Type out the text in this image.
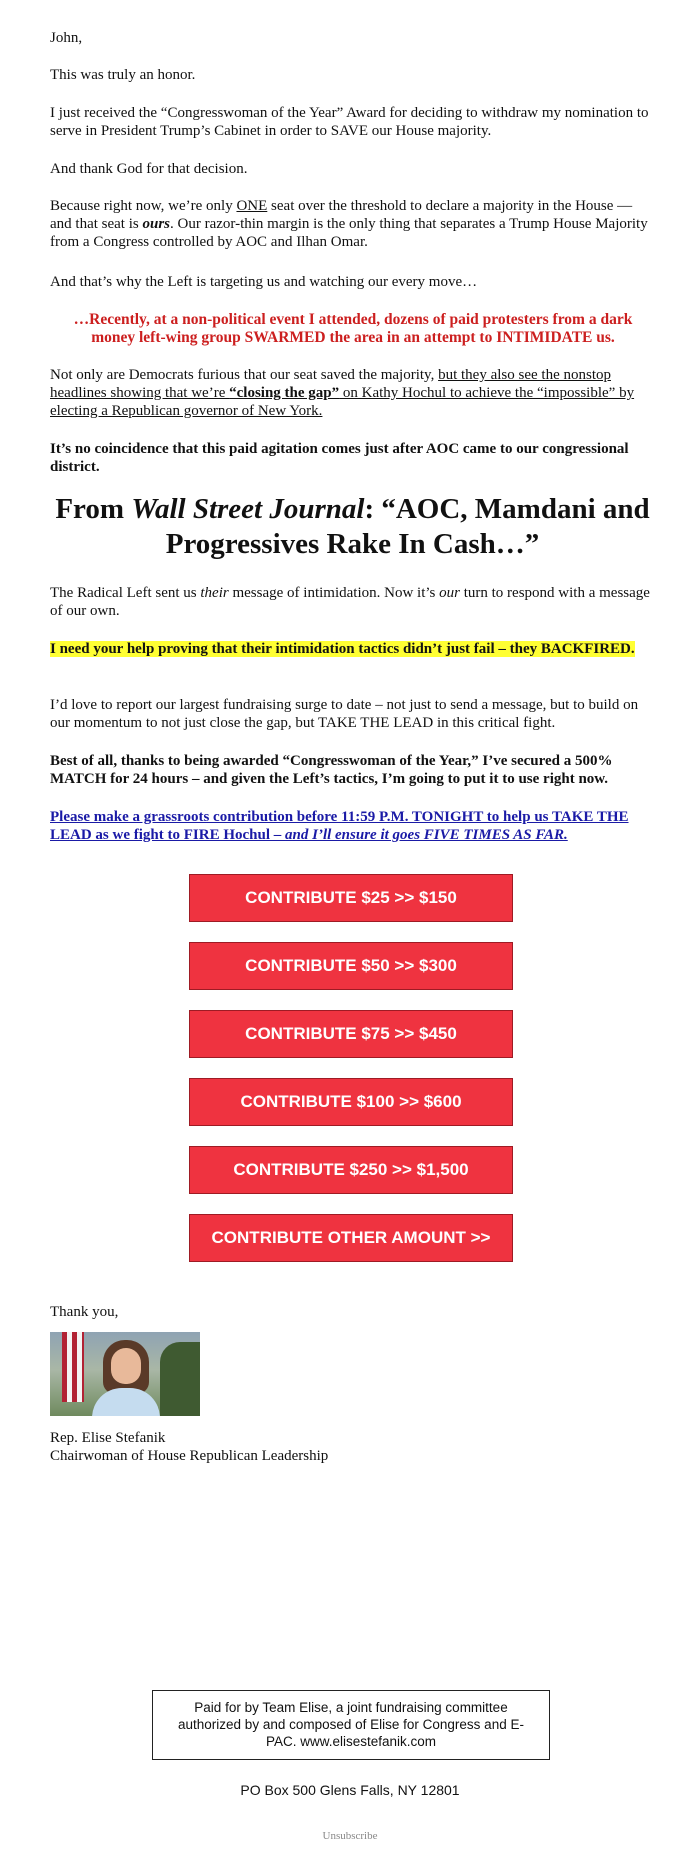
John,

This was truly an honor.

I just received the “Congresswoman of the Year” Award for deciding to withdraw my nomination to serve in President Trump’s Cabinet in order to SAVE our House majority.

And thank God for that decision.

Because right now, we’re only ONE seat over the threshold to declare a majority in the House — and that seat is ours. Our razor-thin margin is the only thing that separates a Trump House Majority from a Congress controlled by AOC and Ilhan Omar.

And that’s why the Left is targeting us and watching our every move…

…Recently, at a non-political event I attended, dozens of paid protesters from a dark money left-wing group SWARMED the area in an attempt to INTIMIDATE us.

Not only are Democrats furious that our seat saved the majority, but they also see the nonstop headlines showing that we’re “closing the gap” on Kathy Hochul to achieve the “impossible” by electing a Republican governor of New York.

It’s no coincidence that this paid agitation comes just after AOC came to our congressional district.

From Wall Street Journal: “AOC, Mamdani and Progressives Rake In Cash…”

The Radical Left sent us their message of intimidation. Now it’s our turn to respond with a message of our own.

I need your help proving that their intimidation tactics didn’t just fail – they BACKFIRED.

I’d love to report our largest fundraising surge to date – not just to send a message, but to build on our momentum to not just close the gap, but TAKE THE LEAD in this critical fight.

Best of all, thanks to being awarded “Congresswoman of the Year,” I’ve secured a 500% MATCH for 24 hours – and given the Left’s tactics, I’m going to put it to use right now.

Please make a grassroots contribution before 11:59 P.M. TONIGHT to help us TAKE THE LEAD as we fight to FIRE Hochul – and I’ll ensure it goes FIVE TIMES AS FAR.
CONTRIBUTE $25 >> $150
CONTRIBUTE $50 >> $300
CONTRIBUTE $75 >> $450
CONTRIBUTE $100 >> $600
CONTRIBUTE $250 >> $1,500
CONTRIBUTE OTHER AMOUNT >>

Thank you,

Rep. Elise Stefanik

Chairwoman of House Republican Leadership

Paid for by Team Elise, a joint fundraising committee authorized by and composed of Elise for Congress and E-PAC. www.elisestefanik.com
PO Box 500 Glens Falls, NY 12801
Unsubscribe
